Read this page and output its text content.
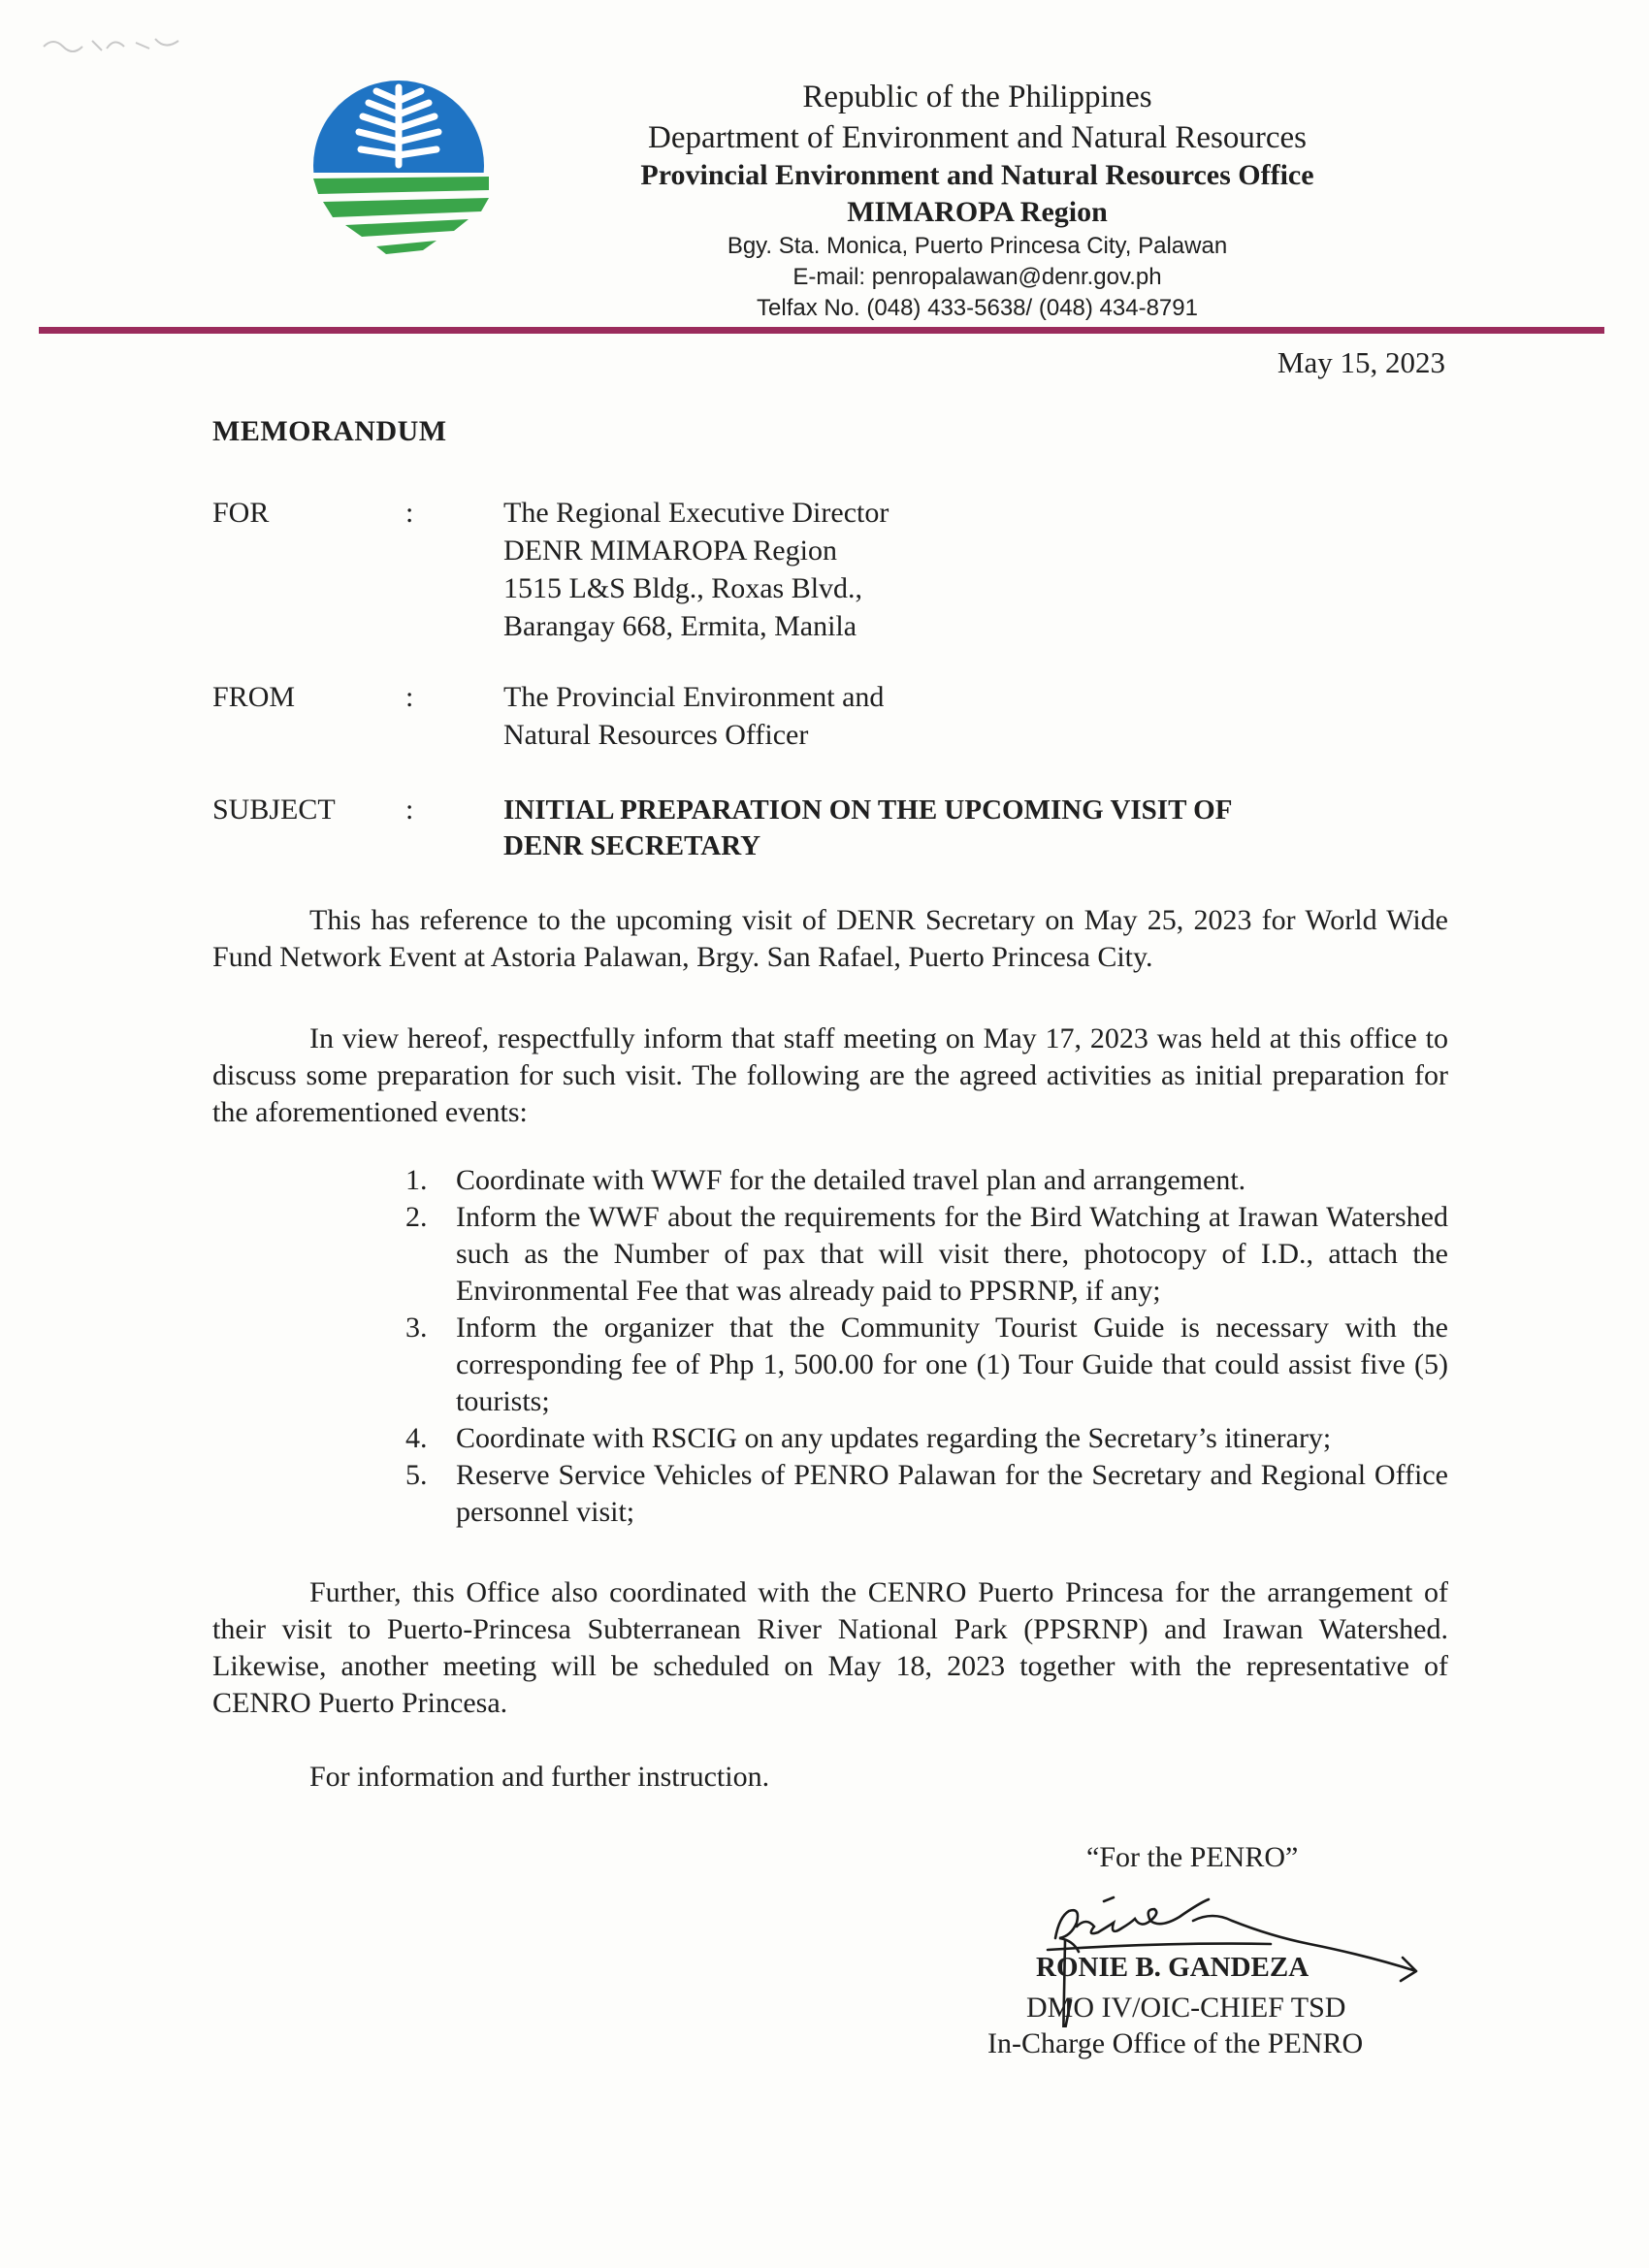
Republic of the Philippines
Department of Environment and Natural Resources
Provincial Environment and Natural Resources Office
MIMAROPA Region
Bgy. Sta. Monica, Puerto Princesa City, Palawan
E-mail: penropalawan@denr.gov.ph
Telfax No. (048) 433-5638/ (048) 434-8791
May 15, 2023
MEMORANDUM
FOR	:	The Regional Executive Director
DENR MIMAROPA Region
1515 L&S Bldg., Roxas Blvd.,
Barangay 668, Ermita, Manila
FROM	:	The Provincial Environment and
Natural Resources Officer
SUBJECT :	INITIAL PREPARATION ON THE UPCOMING VISIT OF
DENR SECRETARY
This has reference to the upcoming visit of DENR Secretary on May 25, 2023 for World Wide Fund Network Event at Astoria Palawan, Brgy. San Rafael, Puerto Princesa City.
In view hereof, respectfully inform that staff meeting on May 17, 2023 was held at this office to discuss some preparation for such visit. The following are the agreed activities as initial preparation for the aforementioned events:
1. Coordinate with WWF for the detailed travel plan and arrangement.
2. Inform the WWF about the requirements for the Bird Watching at Irawan Watershed such as the Number of pax that will visit there, photocopy of I.D., attach the Environmental Fee that was already paid to PPSRNP, if any;
3. Inform the organizer that the Community Tourist Guide is necessary with the corresponding fee of Php 1, 500.00 for one (1) Tour Guide that could assist five (5) tourists;
4. Coordinate with RSCIG on any updates regarding the Secretary’s itinerary;
5. Reserve Service Vehicles of PENRO Palawan for the Secretary and Regional Office personnel visit;
Further, this Office also coordinated with the CENRO Puerto Princesa for the arrangement of their visit to Puerto-Princesa Subterranean River National Park (PPSRNP) and Irawan Watershed. Likewise, another meeting will be scheduled on May 18, 2023 together with the representative of CENRO Puerto Princesa.
For information and further instruction.
“For the PENRO”
RONIE B. GANDEZA
DMO IV/OIC-CHIEF TSD
In-Charge Office of the PENRO
